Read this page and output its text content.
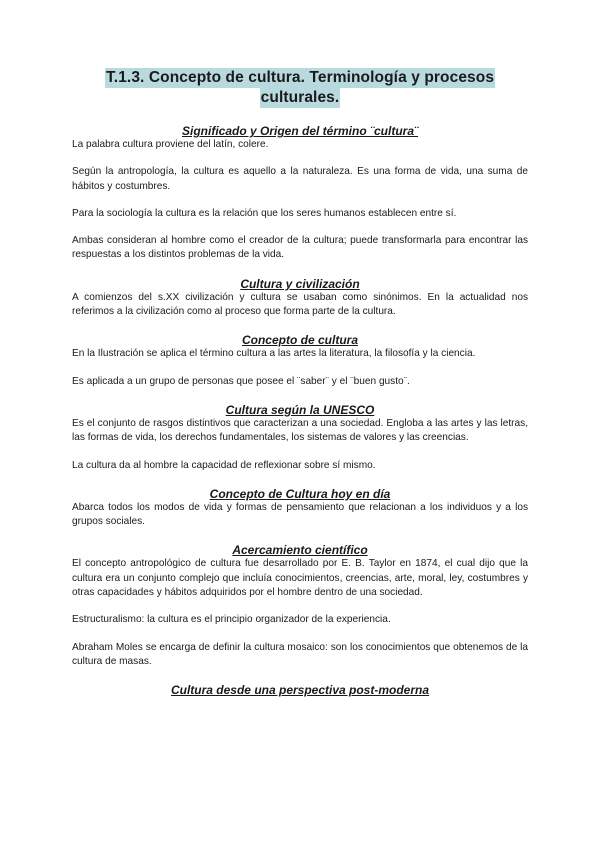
T.1.3. Concepto de cultura. Terminología y procesos
culturales.
Significado y Origen del término ¨cultura¨

La palabra cultura proviene del latín, colere.

Según la antropología, la cultura es aquello a la naturaleza. Es una forma de vida, una suma de hábitos y costumbres.

Para la sociología la cultura es la relación que los seres humanos establecen entre sí.

Ambas consideran al hombre como el creador de la cultura; puede transformarla para encontrar las respuestas a los distintos problemas de la vida.

Cultura y civilización

A comienzos del s.XX civilización y cultura se usaban como sinónimos. En la actualidad nos referimos a la civilización como al proceso que forma parte de la cultura.

Concepto de cultura

En la Ilustración se aplica el término cultura a las artes la literatura, la filosofía y la ciencia.

Es aplicada a un grupo de personas que posee el ¨saber¨ y el ¨buen gusto¨.

Cultura según la UNESCO

Es el conjunto de rasgos distintivos que caracterizan a una sociedad. Engloba a las artes y las letras, las formas de vida, los derechos fundamentales, los sistemas de valores y las creencias.

La cultura da al hombre la capacidad de reflexionar sobre sí mismo.

Concepto de Cultura hoy en día

Abarca todos los modos de vida y formas de pensamiento que relacionan a los individuos y a los grupos sociales.

Acercamiento científico

El concepto antropológico de cultura fue desarrollado por E. B. Taylor en 1874, el cual dijo que la cultura era un conjunto complejo que incluía conocimientos, creencias, arte, moral, ley, costumbres y otras capacidades y hábitos adquiridos por el hombre dentro de una sociedad.

Estructuralismo: la cultura es el principio organizador de la experiencia.

Abraham Moles se encarga de definir la cultura mosaico: son los conocimientos que obtenemos de la cultura de masas.

Cultura desde una perspectiva post-moderna
